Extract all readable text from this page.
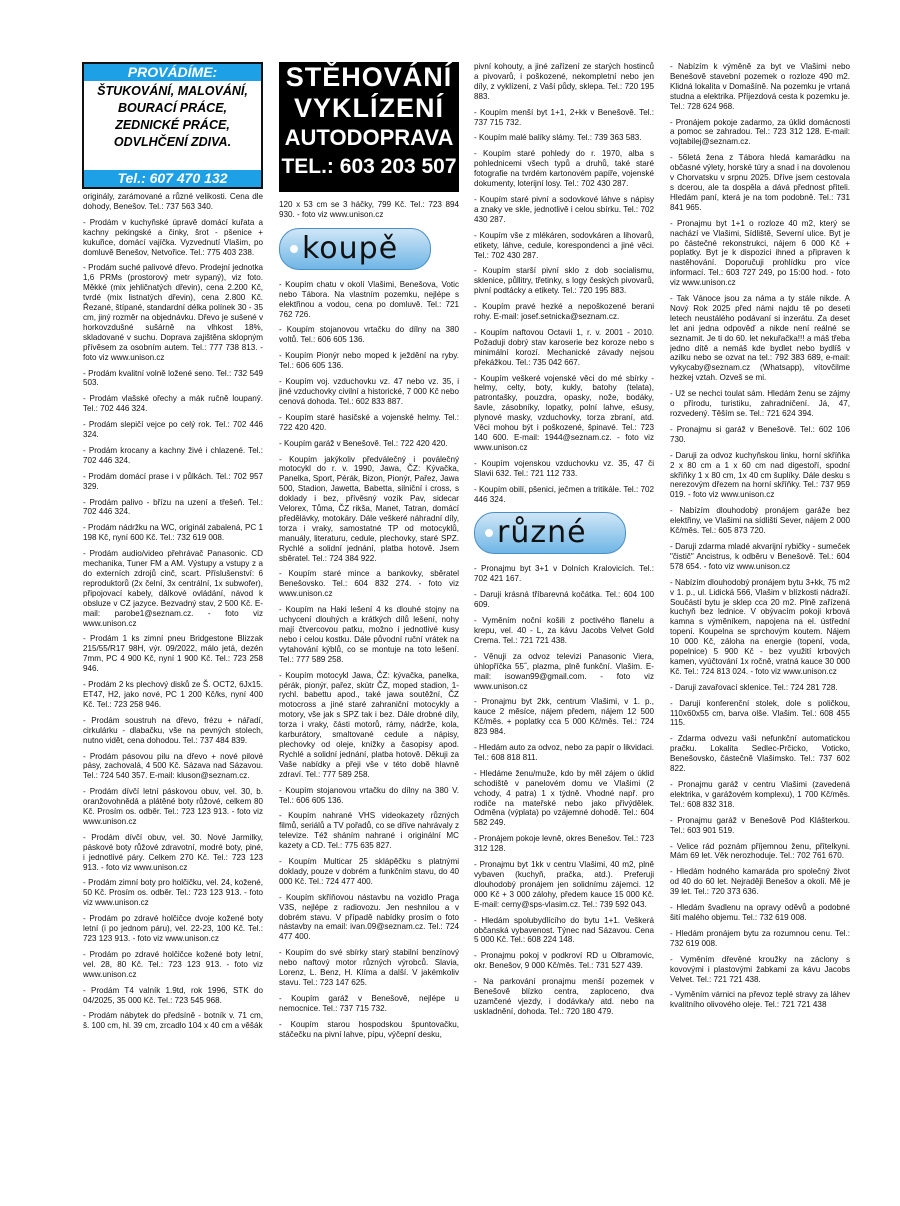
PROVÁDÍME:
ŠTUKOVÁNÍ, MALOVÁNÍ,
BOURACÍ PRÁCE,
ZEDNICKÉ PRÁCE,
ODVLHČENÍ ZDIVA.
Tel.: 607 470 132
STĚHOVÁNÍ
VYKLÍZENÍ
AUTODOPRAVA
TEL.: 603 203 507
originály, zarámované a různé velikosti. Cena dle dohody, Benešov. Tel.: 737 563 340.
- Prodám v kuchyňské úpravě domácí kuřata a kachny pekingské a činky, šrot - pšenice + kukuřice, domácí vajíčka. Vyzvednutí Vlašim, po domluvě Benešov, Netvořice. Tel.: 775 403 238.
- Prodám suché palivové dřevo. Prodejní jednotka 1,6 PRMs (prostorový metr sypaný), viz foto. Měkké (mix jehličnatých dřevin), cena 2.200 Kč, tvrdé (mix listnatých dřevin), cena 2.800 Kč. Řezané, štípané, standardní délka polínek 30 - 35 cm, jiný rozměr na objednávku. Dřevo je sušené v horkovzdušné sušárně na vlhkost 18%, skladované v suchu. Doprava zajištěna sklopným přívěsem za osobním autem. Tel.: 777 738 813. - foto viz www.unison.cz
- Prodám kvalitní volně ložené seno. Tel.: 732 549 503.
- Prodám vlašské ořechy a mák ručně loupaný. Tel.: 702 446 324.
- Prodám slepičí vejce po celý rok. Tel.: 702 446 324.
- Prodám krocany a kachny živé i chlazené. Tel.: 702 446 324.
- Prodám domácí prase i v půlkách. Tel.: 702 957 329.
- Prodám palivo - břízu na uzení a třešeň. Tel.: 702 446 324.
- Prodám nádržku na WC, originál zabalená, PC 1 198 Kč, nyní 600 Kč. Tel.: 732 619 008.
- Prodám audio/video přehrávač Panasonic. CD mechanika, Tuner FM a AM. Výstupy a vstupy z a do externích zdrojů cinč, scart. Příslušenství: 6 reproduktorů (2x čelní, 3x centrální, 1x subwofer), připojovací kabely, dálkové ovládání, návod k obsluze v CZ jazyce. Bezvadný stav, 2 500 Kč. E-mail: parobe1@seznam.cz. - foto viz www.unison.cz
- Prodám 1 ks zimní pneu Bridgestone Blizzak 215/55/R17 98H, výr. 09/2022, málo jetá, dezén 7mm, PC 4 900 Kč, nyní 1 900 Kč. Tel.: 723 258 946.
- Prodám 2 ks plechový disků ze Š. OCT2, 6Jx15. ET47, H2, jako nové, PC 1 200 Kč/ks, nyní 400 Kč. Tel.: 723 258 946.
- Prodám soustruh na dřevo, frézu + nářadí, cirkulárku - dlabačku, vše na pevných stolech, nutno vidět, cena dohodou. Tel.: 737 484 839.
- Prodám pásovou pilu na dřevo + nové pilové pásy, zachovalá, 4 500 Kč. Sázava nad Sázavou. Tel.: 724 540 357. E-mail: kluson@seznam.cz.
- Prodám dívčí letní páskovou obuv, vel. 30, b. oranžovohnědá a plátěné boty růžové, celkem 80 Kč. Prosím os. odběr. Tel.: 723 123 913. - foto viz www.unison.cz
- Prodám dívčí obuv, vel. 30. Nové Jarmilky, páskové boty růžové zdravotní, modré boty, piné, i jednotlivé páry. Celkem 270 Kč. Tel.: 723 123 913. - foto viz www.unison.cz
- Prodám zimní boty pro holčičku, vel. 24, kožené, 50 Kč. Prosím os. odběr. Tel.: 723 123 913. - foto viz www.unison.cz
- Prodám po zdravé holčičce dvoje kožené boty letní (i po jednom páru), vel. 22-23, 100 Kč. Tel.: 723 123 913. - foto viz www.unison.cz
- Prodám po zdravé holčičce kožené boty letní, vel. 28, 80 Kč. Tel.: 723 123 913. - foto viz www.unison.cz
- Prodám T4 valník 1.9td, rok 1996, STK do 04/2025, 35 000 Kč. Tel.: 723 545 968.
- Prodám nábytek do předsíně - botník v. 71 cm, š. 100 cm, hl. 39 cm, zrcadlo 104 x 40 cm a věšák
120 x 53 cm se 3 háčky, 799 Kč. Tel.: 723 894 930. - foto viz www.unison.cz
koupě
- Koupím chatu v okolí Vlašimi, Benešova, Votic nebo Tábora. Na vlastním pozemku, nejlépe s elektřinou a vodou, cena po domluvě. Tel.: 721 762 726.
- Koupím stojanovou vrtačku do dílny na 380 voltů. Tel.: 606 605 136.
- Koupím Pionýr nebo moped k ježdění na ryby. Tel.: 606 605 136.
- Koupím voj. vzduchovku vz. 47 nebo vz. 35, i jiné vzduchovky civilní a historické, 7 000 Kč nebo cenová dohoda. Tel.: 602 833 887.
- Koupím staré hasičské a vojenské helmy. Tel.: 722 420 420.
- Koupím garáž v Benešově. Tel.: 722 420 420.
- Koupím jakýkoliv předválečný i poválečný motocykl do r. v. 1990, Jawa, ČZ: Kývačka, Panelka, Sport, Pérák, Bizon, Pionýr, Pařez, Jawa 500, Stadion, Jawetta, Babetta, silniční i cross, s doklady i bez, přívěsný vozík Pav, sidecar Velorex, Tůma, ČZ rikša, Manet, Tatran, domácí předělávky, motokáry. Dále veškeré náhradní díly, torza i vraky, samostatné TP od motocyklů, manuály, literaturu, cedule, plechovky, staré SPZ. Rychlé a solidní jednání, platba hotově. Jsem sběratel. Tel.: 724 384 922.
- Koupím staré mince a bankovky, sběratel Benešovsko. Tel.: 604 832 274. - foto viz www.unison.cz
- Koupím na Haki lešení 4 ks dlouhé stojny na uchycení dlouhých a krátkých dílů lešení, nohy mají čtvercovou patku, možno i jednotlivé kusy nebo i celou kostku. Dále původní ruční vrátek na vytahování kýblů, co se montuje na toto lešení. Tel.: 777 589 258.
- Koupím motocykl Jawa, ČZ: kývačka, panelka, pérák, pionýr, pařez, skútr ČZ, moped stadion, 1-rychl. babettu apod., také jawa soutěžní, ČZ motocross a jiné staré zahraniční motocykly a motory, vše jak s SPZ tak i bez. Dále drobné díly, torza i vraky, části motorů, rámy, nádrže, kola, karburátory, smaltované cedule a nápisy, plechovky od oleje, knížky a časopisy apod. Rychlé a solidní jednání, platba hotově. Děkuji za Vaše nabídky a přeji vše v této době hlavně zdraví. Tel.: 777 589 258.
- Koupím stojanovou vrtačku do dílny na 380 V. Tel.: 606 605 136.
- Koupím nahrané VHS videokazety různých filmů, seriálů a TV pořadů, co se dříve nahrávaly z televize. Též sháním nahrané i originální MC kazety a CD. Tel.: 775 635 827.
- Koupím Multicar 25 sklápěčku s platnými doklady, pouze v dobrém a funkčním stavu, do 40 000 Kč. Tel.: 724 477 400.
- Koupím skříňovou nástavbu na vozidlo Praga V3S, nejlépe z radiovozu. Jen neshnilou a v dobrém stavu. V případě nabídky prosím o foto nástavby na email: ivan.09@seznam.cz. Tel.: 724 477 400.
- Koupím do své sbírky starý stabilní benzínový nebo naftový motor různých výrobců. Slavia, Lorenz, L. Benz, H. Klíma a další. V jakémkoliv stavu. Tel.: 723 147 625.
- Koupím garáž v Benešově, nejlépe u nemocnice. Tel.: 737 715 732.
- Koupím starou hospodskou špuntovačku, stáčečku na pivní lahve, pípu, výčepní desku,
pivní kohouty, a jiné zařízení ze starých hostinců a pivovarů, i poškozené, nekompletní nebo jen díly, z vyklízení, z Vaší půdy, sklepa. Tel.: 720 195 883.
- Koupím menší byt 1+1, 2+kk v Benešově. Tel.: 737 715 732.
- Koupím malé balíky slámy. Tel.: 739 363 583.
- Koupím staré pohledy do r. 1970, alba s pohlednicemi všech typů a druhů, také staré fotografie na tvrdém kartonovém papíře, vojenské dokumenty, loterijní losy. Tel.: 702 430 287.
- Koupím staré pivní a sodovkové láhve s nápisy a znaky ve skle, jednotlivě i celou sbírku. Tel.: 702 430 287.
- Koupím vše z mlékáren, sodovkáren a lihovarů, etikety, láhve, cedule, korespondenci a jiné věci. Tel.: 702 430 287.
- Koupím starší pivní sklo z dob socialismu, sklenice, půllitry, třetinky, s logy českých pivovarů, pivní podtácky a etikety. Tel.: 720 195 883.
- Koupím pravé hezké a nepoškozené berani rohy. E-mail: josef.setnicka@seznam.cz.
- Koupím naftovou Octavii 1, r. v. 2001 - 2010. Požaduji dobrý stav karoserie bez koroze nebo s minimální korozí. Mechanické závady nejsou překážkou. Tel.: 735 042 667.
- Koupím veškeré vojenské věci do mé sbírky - helmy, celty, boty, kukly, batohy (telata), patrontašky, pouzdra, opasky, nože, bodáky, šavle, zásobníky, lopatky, polní lahve, ešusy, plynové masky, vzduchovky, torza zbraní, atd. Věci mohou být i poškozené, špinavé. Tel.: 723 140 600. E-mail: 1944@seznam.cz. - foto viz www.unison.cz
- Koupím vojenskou vzduchovku vz. 35, 47 či Slavii 632. Tel.: 721 112 733.
- Koupím obilí, pšenici, ječmen a tritikále. Tel.: 702 446 324.
různé
- Pronajmu byt 3+1 v Dolních Kralovicích. Tel.: 702 421 167.
- Daruji krásná tříbarevná kočátka. Tel.: 604 100 609.
- Vyměním noční košili z poctivého flanelu a krepu, vel. 40 - L, za kávu Jacobs Velvet Gold Crema. Tel.: 721 721 438.
- Věnuji za odvoz televizi Panasonic Viera, úhlopříčka 55˝, plazma, plně funkční. Vlašim. E-mail: isowan99@gmail.com. - foto viz www.unison.cz
- Pronajmu byt 2kk, centrum Vlašimi, v 1. p., kauce 2 měsíce, nájem předem, nájem 12 500 Kč/měs. + poplatky cca 5 000 Kč/měs. Tel.: 724 823 984.
- Hledám auto za odvoz, nebo za papír o likvidaci. Tel.: 608 818 811.
- Hledáme ženu/muže, kdo by měl zájem o úklid schodiště v panelovém domu ve Vlašimi (2 vchody, 4 patra) 1 x týdně. Vhodné např. pro rodiče na mateřské nebo jako přivýdělek. Odměna (výplata) po vzájemné dohodě. Tel.: 604 582 249.
- Pronájem pokoje levně, okres Benešov. Tel.: 723 312 128.
- Pronajmu byt 1kk v centru Vlašimi, 40 m2, plně vybaven (kuchyň, pračka, atd.). Preferuji dlouhodobý pronájem jen solidnímu zájemci. 12 000 Kč + 3 000 zálohy, předem kauce 15 000 Kč. E-mail: cerny@sps-vlasim.cz. Tel.: 739 592 043.
- Hledám spolubydlícího do bytu 1+1. Veškerá občanská vybavenost. Týnec nad Sázavou. Cena 5 000 Kč. Tel.: 608 224 148.
- Pronajmu pokoj v podkroví RD u Olbramovic, okr. Benešov, 9 000 Kč/měs. Tel.: 731 527 439.
- Na parkování pronajmu menší pozemek v Benešově blízko centra, zaploceno, dva uzamčené vjezdy, i dodávka/y atd. nebo na uskladnění, dohoda. Tel.: 720 180 479.
- Nabízím k výměně za byt ve Vlašimi nebo Benešově stavební pozemek o rozloze 490 m2. Klidná lokalita v Domašíně. Na pozemku je vrtaná studna a elektrika. Příjezdová cesta k pozemku je. Tel.: 728 624 968.
- Pronájem pokoje zadarmo, za úklid domácnosti a pomoc se zahradou. Tel.: 723 312 128. E-mail: vojtabilej@seznam.cz.
- 56letá žena z Tábora hledá kamarádku na občasné výlety, horské túry a snad i na dovolenou v Chorvatsku v srpnu 2025. Dříve jsem cestovala s dcerou, ale ta dospěla a dává přednost přiteli. Hledám paní, která je na tom podobně. Tel.: 731 841 965.
- Pronajmu byt 1+1 o rozloze 40 m2, který se nachází ve Vlašimi, Sídliště, Severní ulice. Byt je po částečné rekonstrukci, nájem 6 000 Kč + poplatky. Byt je k dispozici ihned a připraven k nastěhování. Doporučuji prohlídku pro více informací. Tel.: 603 727 249, po 15:00 hod. - foto viz www.unison.cz
- Tak Vánoce jsou za náma a ty stále nikde. A Nový Rok 2025 před námi najdu tě po deseti letech neustálého podávaní si inzerátu. Za deset let ani jedna odpověď a nikde není reálné se seznamit. Je ti do 60. let nekuřačka!!! a máš třeba jedno dítě a nemáš kde bydlet nebo bydlíš v azilku nebo se ozvat na tel.: 792 383 689, e-mail: vykycaby@seznam.cz (Whatsapp), vítovčilme hezkej vztah. Ozveš se mi.
- Už se nechci toulat sám. Hledám ženu se zájmy o přírodu, turistiku, zahradničení. Já, 47, rozvedený. Těším se. Tel.: 721 624 394.
- Pronajmu si garáž v Benešově. Tel.: 602 106 730.
- Daruji za odvoz kuchyňskou linku, horní skříňka 2 x 80 cm a 1 x 60 cm nad digestoří, spodní skříňky 1 x 80 cm, 1x 40 cm šuplíky. Dále desku s nerezovým dřezem na horní skříňky. Tel.: 737 959 019. - foto viz www.unison.cz
- Nabízím dlouhodobý pronájem garáže bez elektřiny, ve Vlašimi na sídlišti Sever, nájem 2 000 Kč/měs. Tel.: 605 873 720.
- Daruji zdarma mladé akvarijní rybičky - sumeček "čistič" Ancistrus, k odběru v Benešově. Tel.: 604 578 654. - foto viz www.unison.cz
- Nabízím dlouhodobý pronájem bytu 3+kk, 75 m2 v 1. p., ul. Lidická 566, Vlašim v blízkosti nádraží. Součástí bytu je sklep cca 20 m2. Plně zařízená kuchyň bez lednice. V obývacím pokoji krbová kamna s výměníkem, napojena na el. ústřední topení. Koupelna se sprchovým koutem. Nájem 10 000 Kč, záloha na energie (topení, voda, popelnice) 5 900 Kč - bez využití krbových kamen, vyúčtování 1x ročně, vratná kauce 30 000 Kč. Tel.: 724 813 024. - foto viz www.unison.cz
- Daruji zavařovací sklenice. Tel.: 724 281 728.
- Daruji konferenční stolek, dole s poličkou, 110x60x55 cm, barva olše. Vlašim. Tel.: 608 455 115.
- Zdarma odvezu vaši nefunkční automatickou pračku. Lokalita Sedlec-Prčicko, Voticko, Benešovsko, částečně Vlašimsko. Tel.: 737 602 822.
- Pronajmu garáž v centru Vlašimi (zavedená elektrika, v garážovém komplexu), 1 700 Kč/měs. Tel.: 608 832 318.
- Pronajmu garáž v Benešově Pod Klášterkou. Tel.: 603 901 519.
- Velice rád poznám příjemnou ženu, přítelkyni. Mám 69 let. Věk nerozhoduje. Tel.: 702 761 670.
- Hledám hodného kamaráda pro společný život od 40 do 60 let. Nejraději Benešov a okolí. Mě je 39 let. Tel.: 720 373 636.
- Hledám švadlenu na opravy oděvů a podobné šití malého objemu. Tel.: 732 619 008.
- Hledám pronájem bytu za rozumnou cenu. Tel.: 732 619 008.
- Vyměním dřevěné kroužky na záclony s kovovými i plastovými žabkami za kávu Jacobs Velvet. Tel.: 721 721 438.
- Vyměním várnici na převoz teplé stravy za láhev kvalitního olivového oleje. Tel.: 721 721 438
